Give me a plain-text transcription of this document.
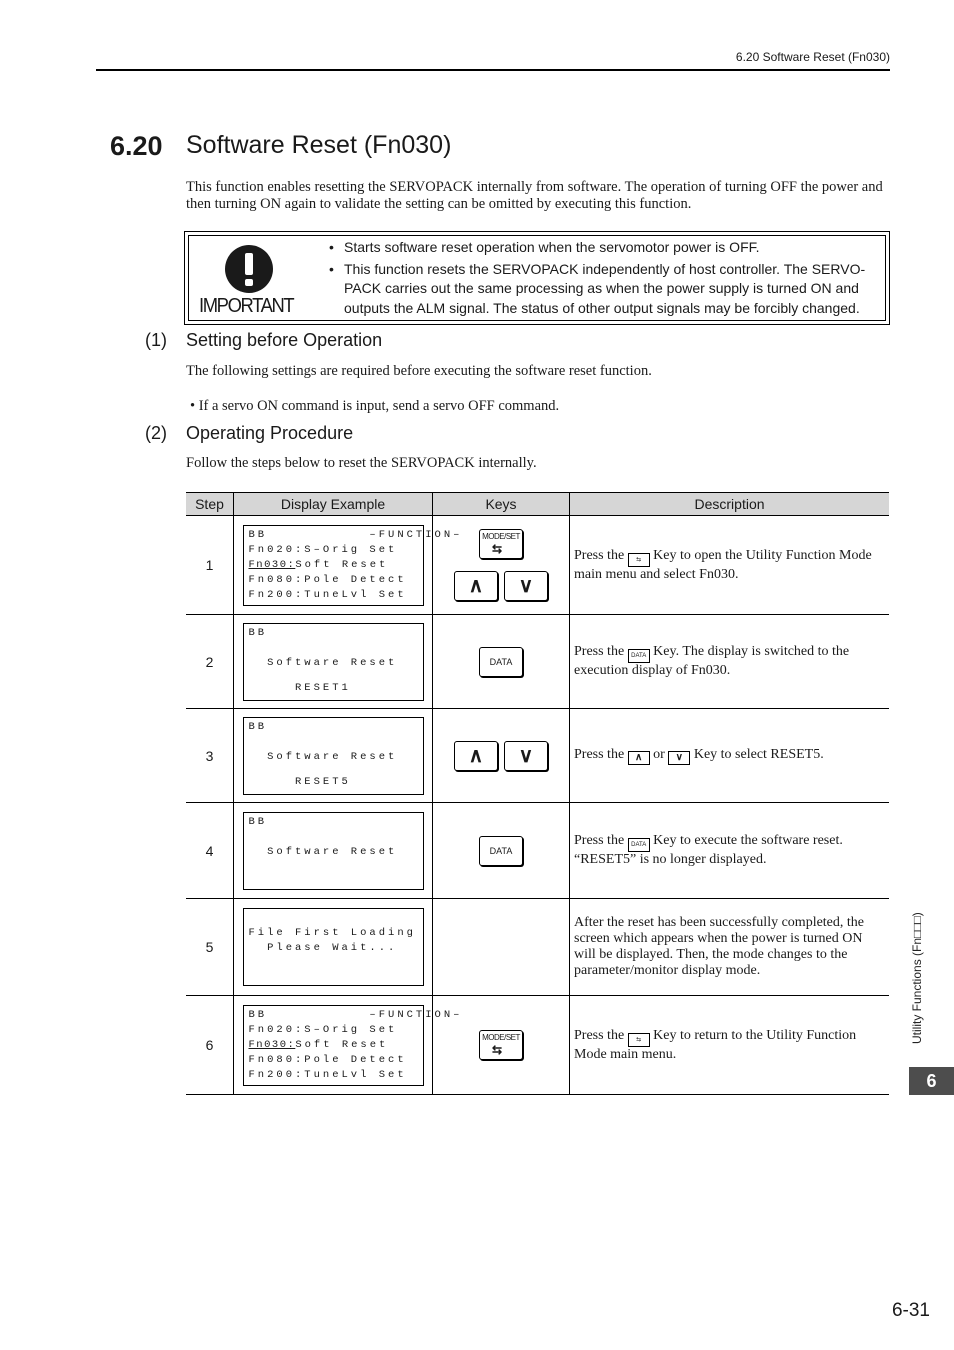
6.20 Software Reset (Fn030)
6.20 Software Reset (Fn030)
This function enables resetting the SERVOPACK internally from software. The operation of turning OFF the power and then turning ON again to validate the setting can be omitted by executing this function.
IMPORTANT
• Starts software reset operation when the servomotor power is OFF.
• This function resets the SERVOPACK independently of host controller. The SERVO-PACK carries out the same processing as when the power supply is turned ON and outputs the ALM signal. The status of other output signals may be forcibly changed.
(1) Setting before Operation
The following settings are required before executing the software reset function.
• If a servo ON command is input, send a servo OFF command.
(2) Operating Procedure
Follow the steps below to reset the SERVOPACK internally.
Step	Display Example	Keys	Description
1	BB –FUNCTION–
Fn020:S–Orig Set
Fn030:Soft Reset
Fn080:Pole Detect
Fn200:TuneLvl Set	MODE/SET
⇆
∧ ∨	Press the ⇆ Key to open the Utility Function Mode main menu and select Fn030.
2	BB
Software Reset
RESET1	DATA	Press the DATA Key. The display is switched to the execution display of Fn030.
3	BB
Software Reset
RESET5	∧ ∨	Press the ∧ or ∨ Key to select RESET5.
4	BB
Software Reset	DATA	Press the DATA Key to execute the software reset.
“RESET5” is no longer displayed.
5	File First Loading
Please Wait...		After the reset has been successfully completed, the screen which appears when the power is turned ON will be displayed. Then, the mode changes to the parameter/monitor display mode.
6	BB –FUNCTION–
Fn020:S–Orig Set
Fn030:Soft Reset
Fn080:Pole Detect
Fn200:TuneLvl Set	MODE/SET
⇆	Press the ⇆ Key to return to the Utility Function Mode main menu.
Utility Functions (Fn□□□)
6
6-31
